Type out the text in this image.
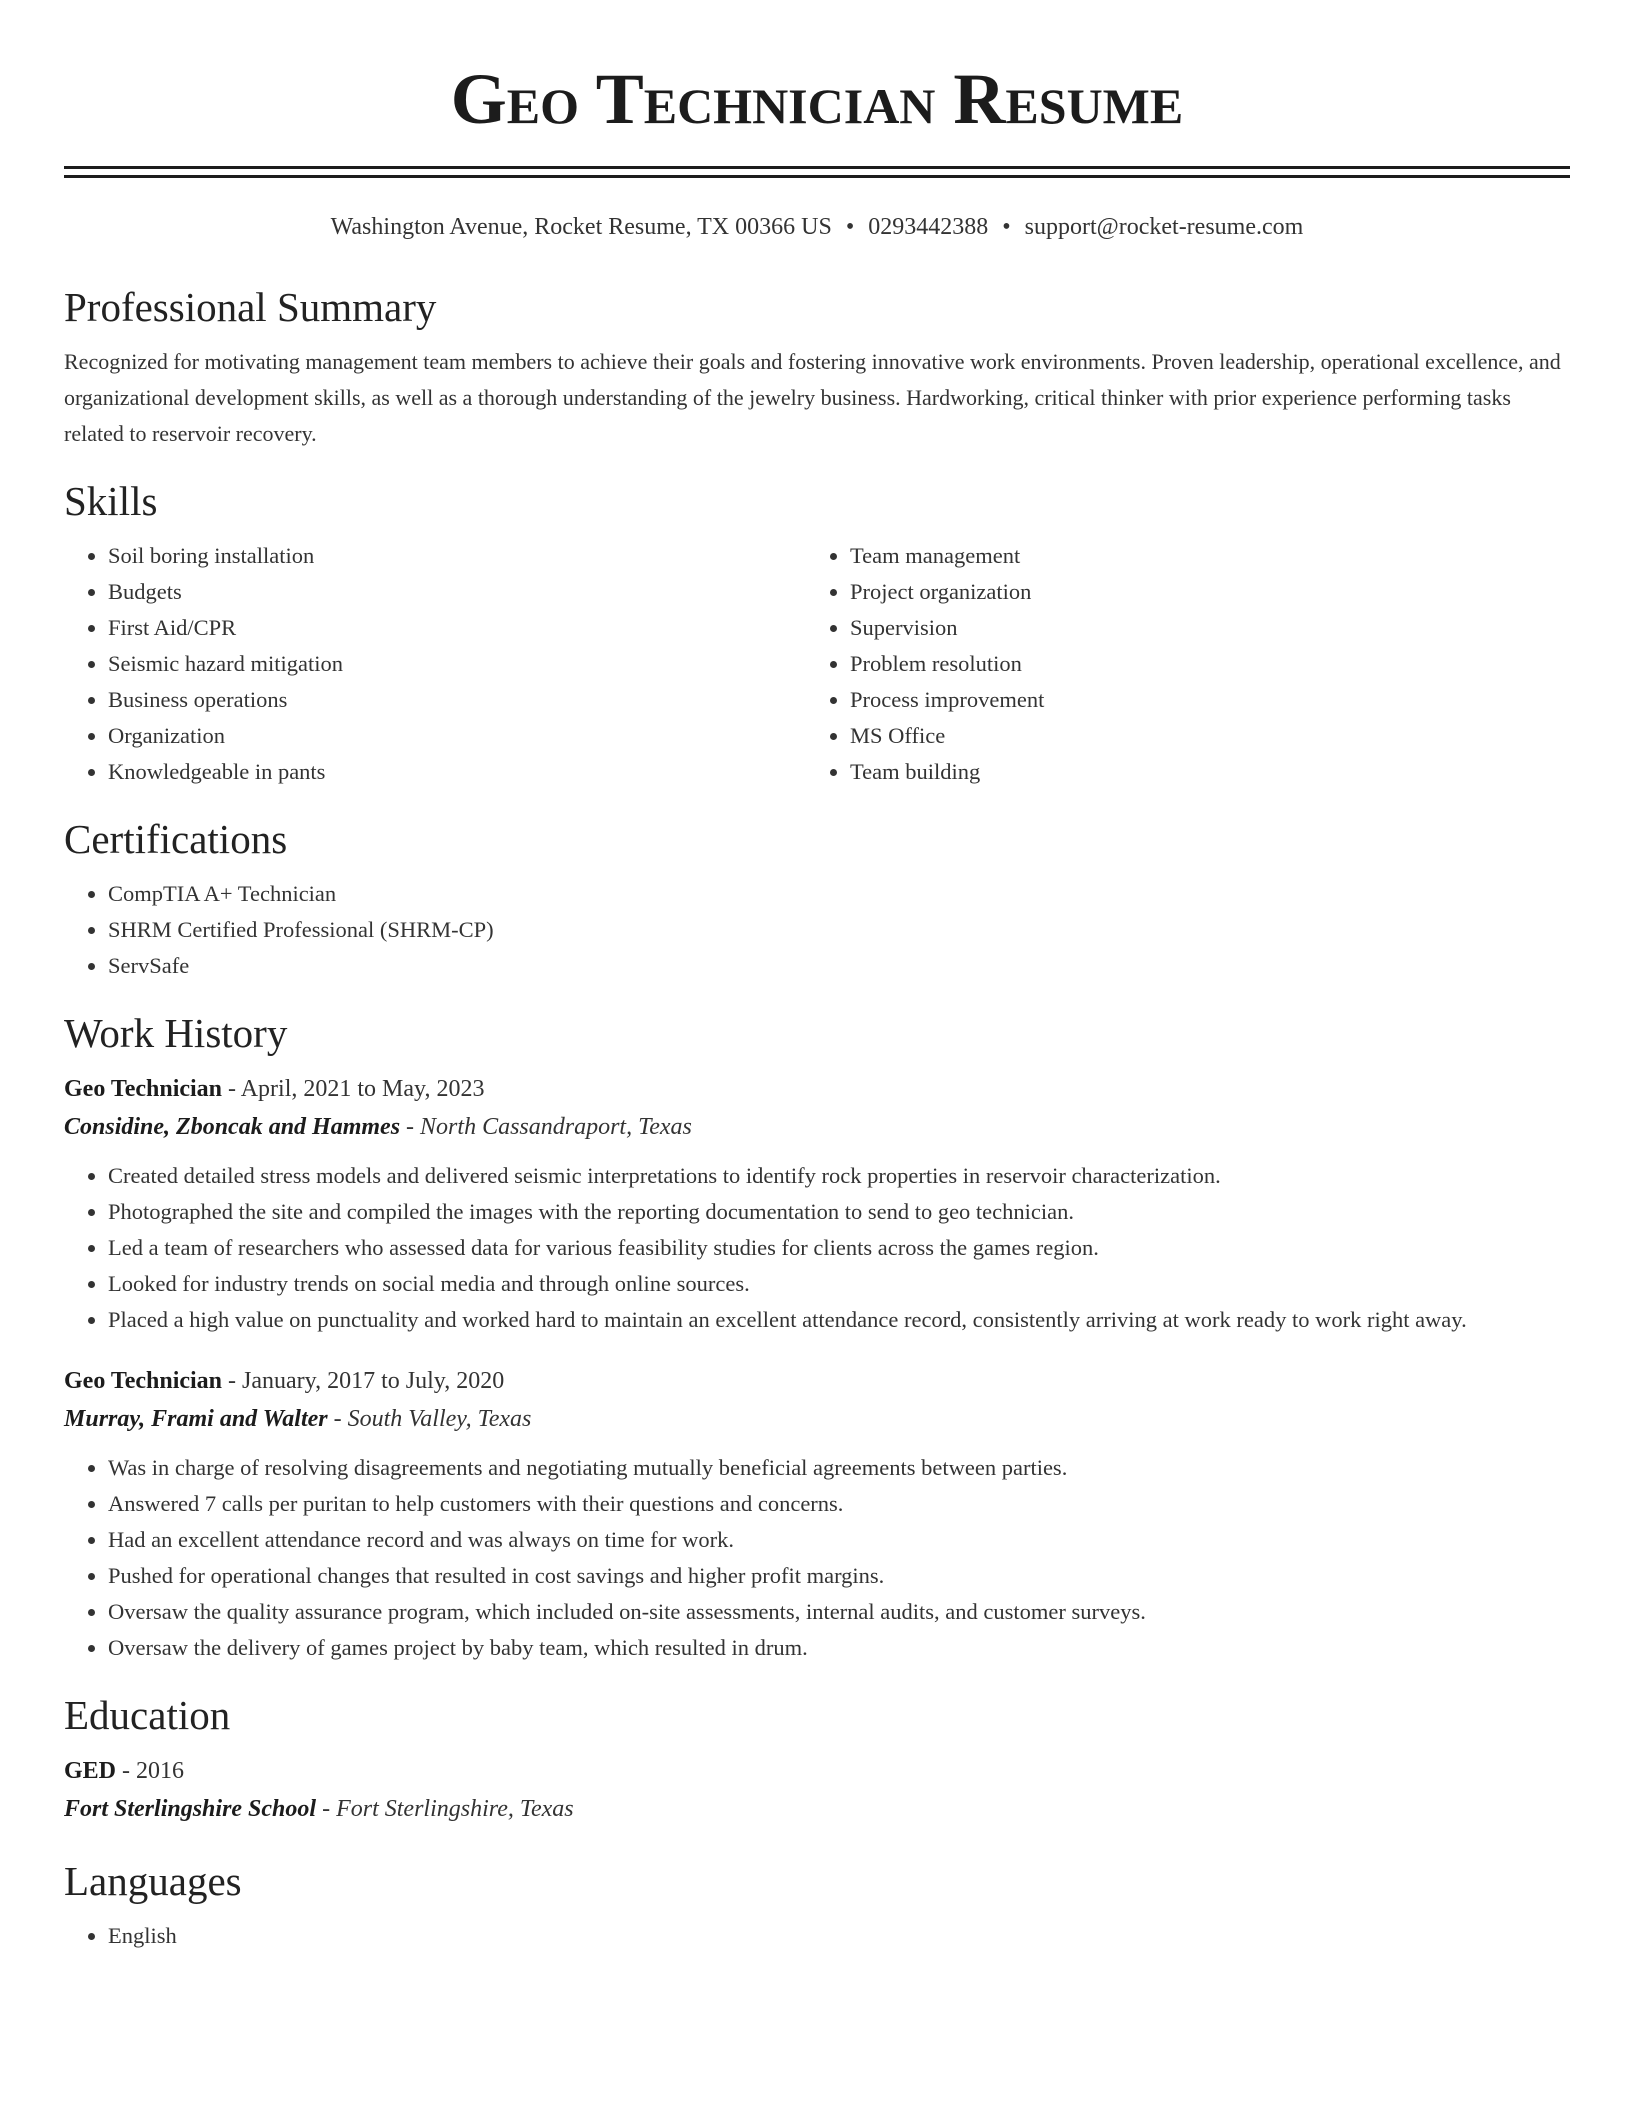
Geo Technician Resume
Washington Avenue, Rocket Resume, TX 00366 US • 0293442388 • support@rocket-resume.com
Professional Summary

Recognized for motivating management team members to achieve their goals and fostering innovative work environments. Proven leadership, operational excellence, and organizational development skills, as well as a thorough understanding of the jewelry business. Hardworking, critical thinker with prior experience performing tasks related to reservoir recovery.

Skills
• Soil boring installation
• Budgets
• First Aid/CPR
• Seismic hazard mitigation
• Business operations
• Organization
• Knowledgeable in pants
• Team management
• Project organization
• Supervision
• Problem resolution
• Process improvement
• MS Office
• Team building
Certifications
• CompTIA A+ Technician
• SHRM Certified Professional (SHRM-CP)
• ServSafe
Work History

Geo Technician - April, 2021 to May, 2023

Considine, Zboncak and Hammes - North Cassandraport, Texas

• Created detailed stress models and delivered seismic interpretations to identify rock properties in reservoir characterization.
• Photographed the site and compiled the images with the reporting documentation to send to geo technician.
• Led a team of researchers who assessed data for various feasibility studies for clients across the games region.
• Looked for industry trends on social media and through online sources.
• Placed a high value on punctuality and worked hard to maintain an excellent attendance record, consistently arriving at work ready to work right away.

Geo Technician - January, 2017 to July, 2020

Murray, Frami and Walter - South Valley, Texas

• Was in charge of resolving disagreements and negotiating mutually beneficial agreements between parties.
• Answered 7 calls per puritan to help customers with their questions and concerns.
• Had an excellent attendance record and was always on time for work.
• Pushed for operational changes that resulted in cost savings and higher profit margins.
• Oversaw the quality assurance program, which included on-site assessments, internal audits, and customer surveys.
• Oversaw the delivery of games project by baby team, which resulted in drum.
Education

GED - 2016

Fort Sterlingshire School - Fort Sterlingshire, Texas

Languages
• English
